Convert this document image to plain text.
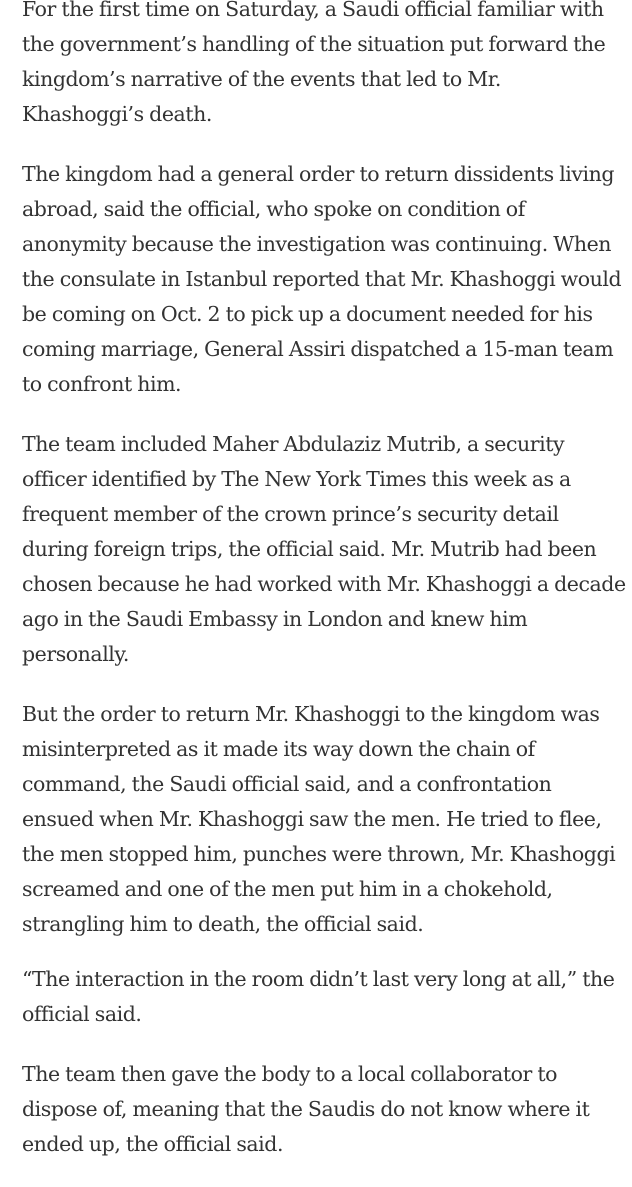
For the first time on Saturday, a Saudi official familiar with the government’s handling of the situation put forward the kingdom’s narrative of the events that led to Mr. Khashoggi’s death.

The kingdom had a general order to return dissidents living abroad, said the official, who spoke on condition of anonymity because the investigation was continuing. When the consulate in Istanbul reported that Mr. Khashoggi would be coming on Oct. 2 to pick up a document needed for his coming marriage, General Assiri dispatched a 15-man team to confront him.

The team included Maher Abdulaziz Mutrib, a security officer identified by The New York Times this week as a frequent member of the crown prince’s security detail during foreign trips, the official said. Mr. Mutrib had been chosen because he had worked with Mr. Khashoggi a decade ago in the Saudi Embassy in London and knew him personally.

But the order to return Mr. Khashoggi to the kingdom was misinterpreted as it made its way down the chain of command, the Saudi official said, and a confrontation ensued when Mr. Khashoggi saw the men. He tried to flee, the men stopped him, punches were thrown, Mr. Khashoggi screamed and one of the men put him in a chokehold, strangling him to death, the official said.

“The interaction in the room didn’t last very long at all,” the official said.

The team then gave the body to a local collaborator to dispose of, meaning that the Saudis do not know where it ended up, the official said.
